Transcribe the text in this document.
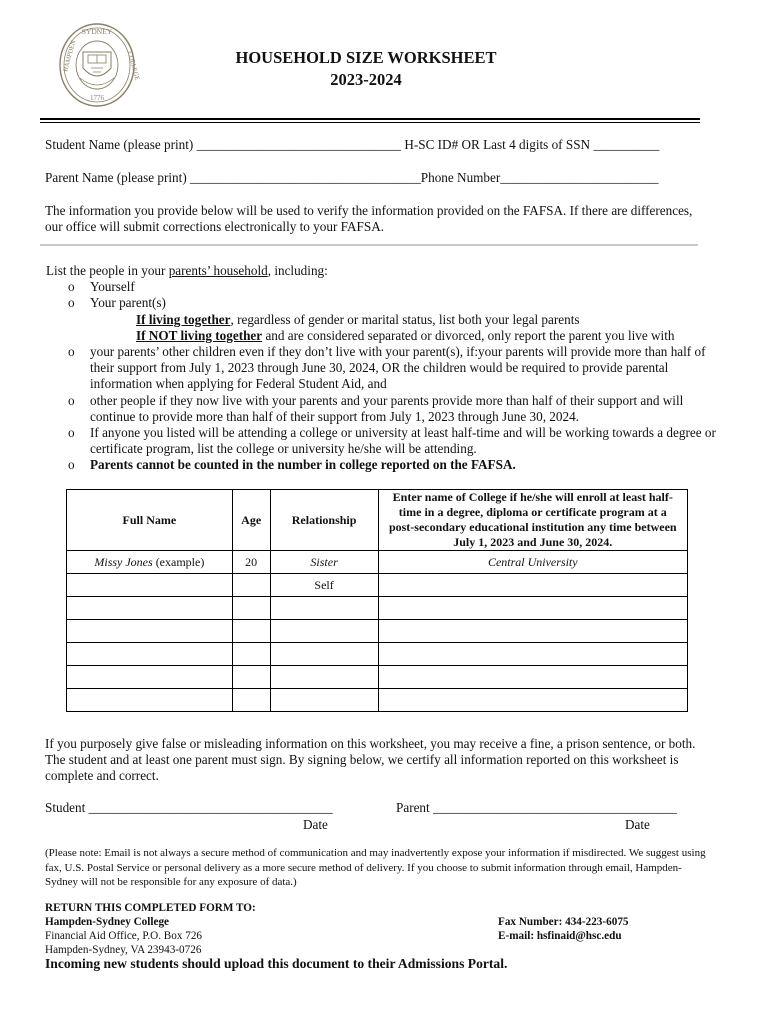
SYDNEY
HAMPDEN	COLLEGE
1776
HOUSEHOLD SIZE WORKSHEET
2023-2024
Student Name (please print) _______________________________ H-SC ID# OR Last 4 digits of SSN __________
Parent Name (please print) ___________________________________Phone Number________________________
The information you provide below will be used to verify the information provided on the FAFSA. If there are differences, our office will submit corrections electronically to your FAFSA.
List the people in your parents’ household, including:
o Yourself
o Your parent(s)
If living together, regardless of gender or marital status, list both your legal parents
If NOT living together and are considered separated or divorced, only report the parent you live with
o your parents’ other children even if they don’t live with your parent(s), if:your parents will provide more than half of their support from July 1, 2023 through June 30, 2024, OR the children would be required to provide parental information when applying for Federal Student Aid, and
o other people if they now live with your parents and your parents provide more than half of their support and will continue to provide more than half of their support from July 1, 2023 through June 30, 2024.
o If anyone you listed will be attending a college or university at least half-time and will be working towards a degree or certificate program, list the college or university he/she will be attending.
o Parents cannot be counted in the number in college reported on the FAFSA.
Full Name	Age	Relationship	Enter name of College if he/she will enroll at least half-time in a degree, diploma or certificate program at a post-secondary educational institution any time between July 1, 2023 and June 30, 2024.
Missy Jones (example)	20	Sister	Central University
		Self	

If you purposely give false or misleading information on this worksheet, you may receive a fine, a prison sentence, or both. The student and at least one parent must sign. By signing below, we certify all information reported on this worksheet is complete and correct.
Student _____________________________________	Parent _____________________________________
Date	Date
(Please note: Email is not always a secure method of communication and may inadvertently expose your information if misdirected. We suggest using fax, U.S. Postal Service or personal delivery as a more secure method of delivery. If you choose to submit information through email, Hampden-Sydney will not be responsible for any exposure of data.)
RETURN THIS COMPLETED FORM TO:
Hampden-Sydney College
Financial Aid Office, P.O. Box 726
Hampden-Sydney, VA 23943-0726
Fax Number: 434-223-6075
E-mail: hsfinaid@hsc.edu
Incoming new students should upload this document to their Admissions Portal.
